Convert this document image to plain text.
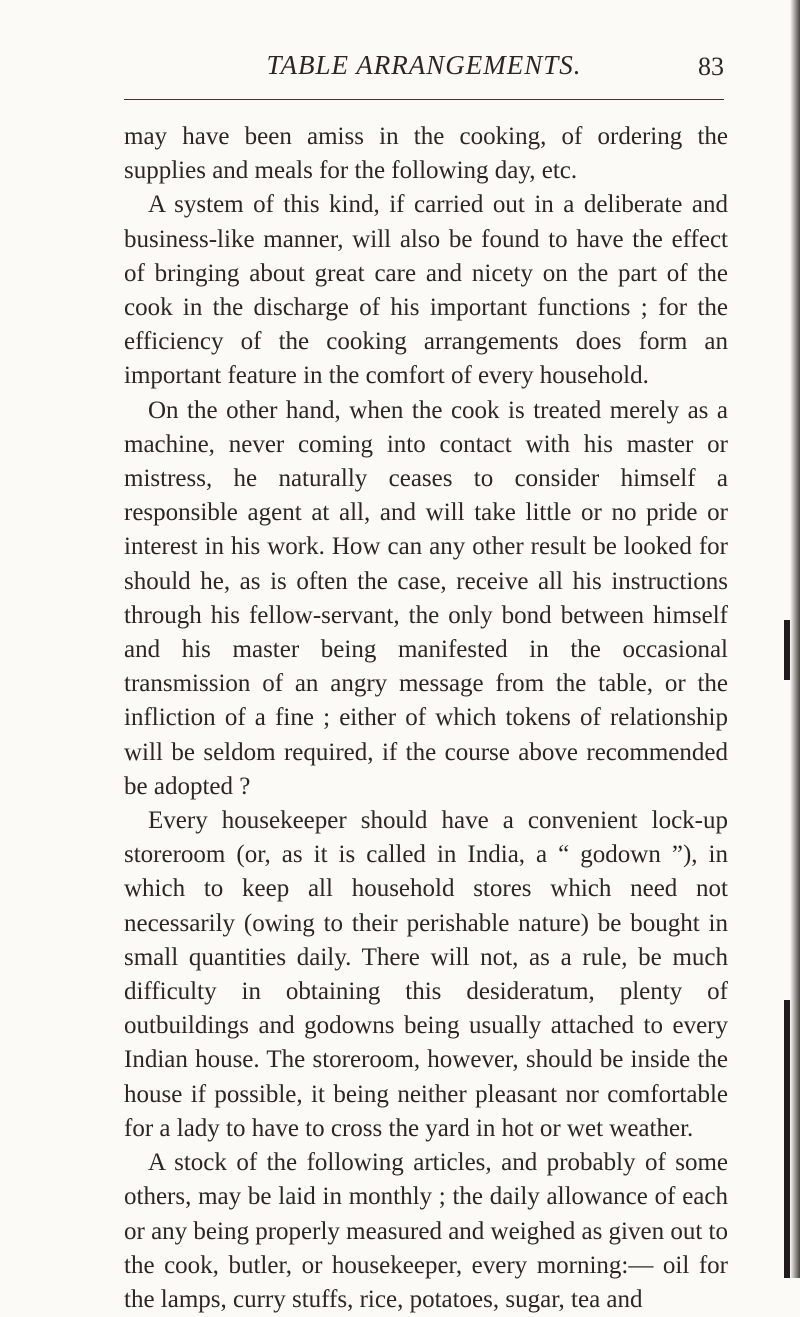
TABLE ARRANGEMENTS.	83

may have been amiss in the cooking, of ordering the supplies and meals for the following day, etc.

A system of this kind, if carried out in a deliberate and business-like manner, will also be found to have the effect of bringing about great care and nicety on the part of the cook in the discharge of his important functions ; for the efficiency of the cooking arrangements does form an important feature in the comfort of every household.

On the other hand, when the cook is treated merely as a machine, never coming into contact with his master or mistress, he naturally ceases to consider himself a responsible agent at all, and will take little or no pride or interest in his work. How can any other result be looked for should he, as is often the case, receive all his instructions through his fellow-servant, the only bond between himself and his master being manifested in the occasional transmission of an angry message from the table, or the infliction of a fine ; either of which tokens of relationship will be seldom required, if the course above recommended be adopted ?

Every housekeeper should have a convenient lock-up storeroom (or, as it is called in India, a “ godown ”), in which to keep all household stores which need not necessarily (owing to their perishable nature) be bought in small quantities daily. There will not, as a rule, be much difficulty in obtaining this desideratum, plenty of outbuildings and godowns being usually attached to every Indian house. The storeroom, however, should be inside the house if possible, it being neither pleasant nor comfortable for a lady to have to cross the yard in hot or wet weather.

A stock of the following articles, and probably of some others, may be laid in monthly ; the daily allowance of each or any being properly measured and weighed as given out to the cook, butler, or housekeeper, every morning:— oil for the lamps, curry stuffs, rice, potatoes, sugar, tea and
